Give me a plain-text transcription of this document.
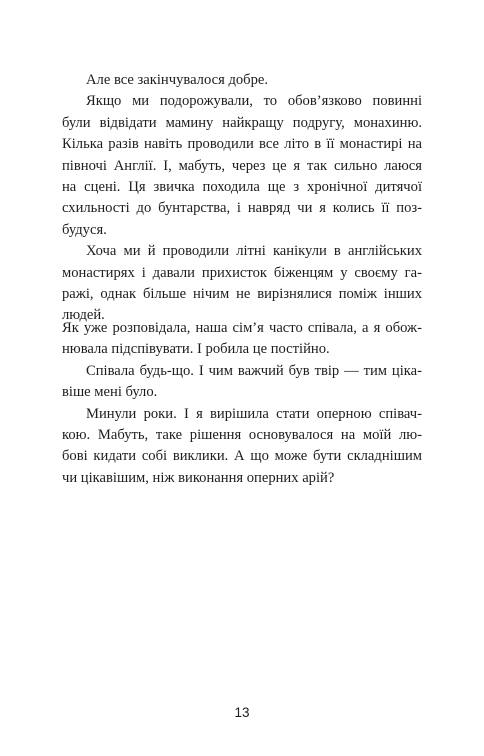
Але все закінчувалося добре.
Якщо ми подорожували, то обов’язково повинні
були відвідати мамину найкращу подругу, монахиню.
Кілька разів навіть проводили все літо в її монастирі на
півночі Англії. І, мабуть, через це я так сильно лаюся
на сцені. Ця звичка походила ще з хронічної дитячої
схильності до бунтарства, і навряд чи я колись її поз-
будуся.
Хоча ми й проводили літні канікули в англійських
монастирях і давали прихисток біженцям у своєму га-
ражі, однак більше нічим не вирізнялися поміж інших
людей.
Як уже розповідала, наша сім’я часто співала, а я обож-
нювала підспівувати. І робила це постійно.
Співала будь-що. І чим важчий був твір — тим ціка-
віше мені було.
Минули роки. І я вирішила стати оперною співач-
кою. Мабуть, таке рішення основувалося на моїй лю-
бові кидати собі виклики. А що може бути складнішим
чи цікавішим, ніж виконання оперних арій?
13
